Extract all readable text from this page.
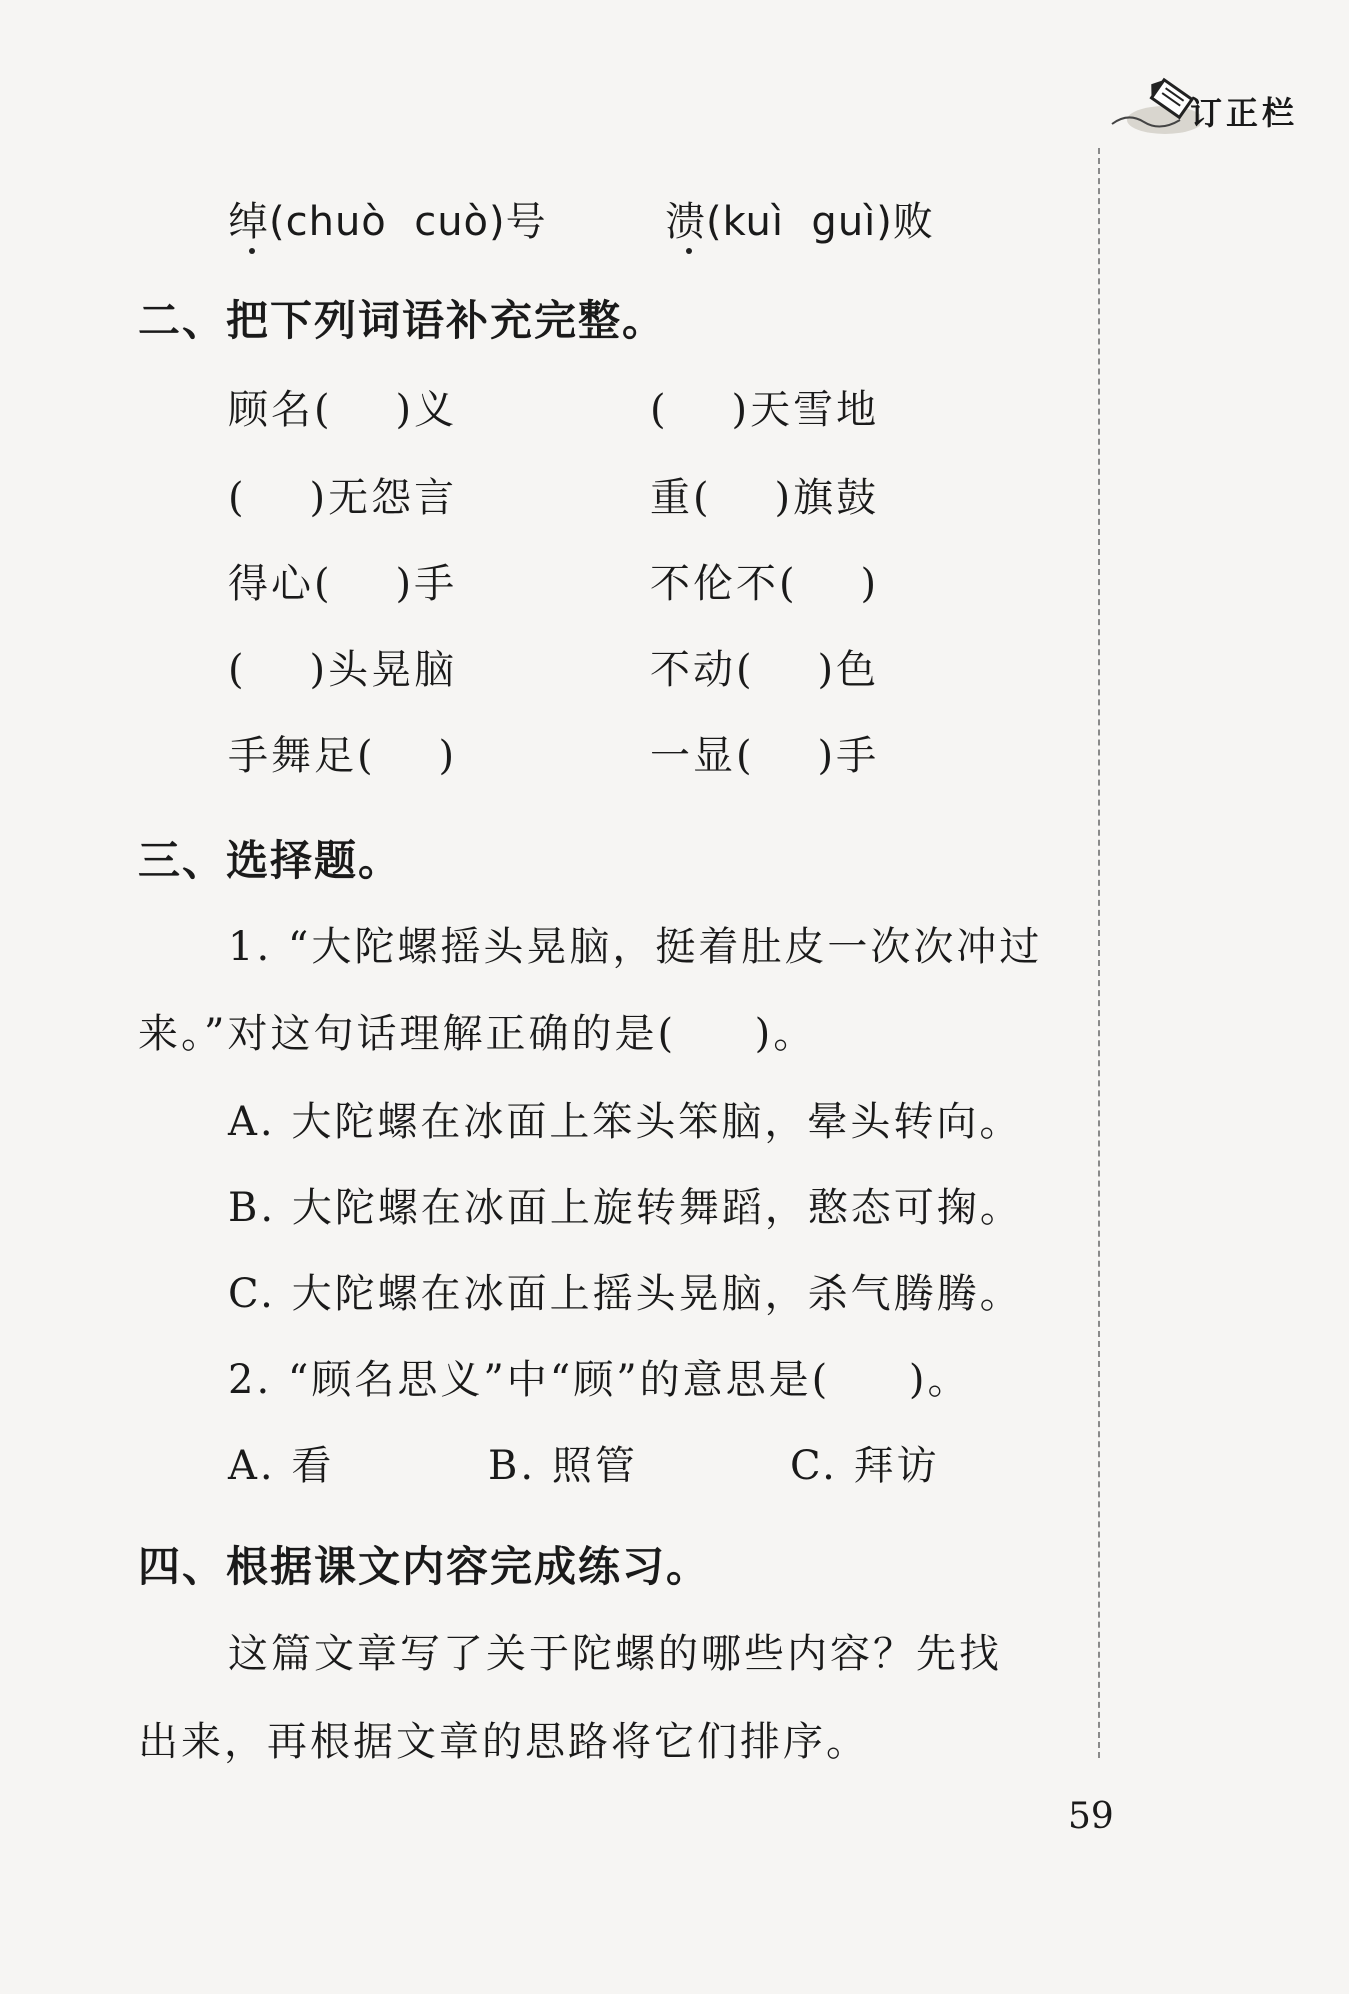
订正栏
绰(chuò  cuò)号	溃(kuì  guì)败
二、把下列词语补充完整。
顾名(    )义	(    )天雪地
(    )无怨言	重(    )旗鼓
得心(    )手	不伦不(    )
(    )头晃脑	不动(    )色
手舞足(    )	一显(    )手
三、选择题。
1. “大陀螺摇头晃脑，挺着肚皮一次次冲过
来。”对这句话理解正确的是(     )。
A. 大陀螺在冰面上笨头笨脑，晕头转向。
B. 大陀螺在冰面上旋转舞蹈，憨态可掬。
C. 大陀螺在冰面上摇头晃脑，杀气腾腾。
2. “顾名思义”中“顾”的意思是(     )。
A. 看	B. 照管	C. 拜访
四、根据课文内容完成练习。
这篇文章写了关于陀螺的哪些内容？先找
出来，再根据文章的思路将它们排序。
59
